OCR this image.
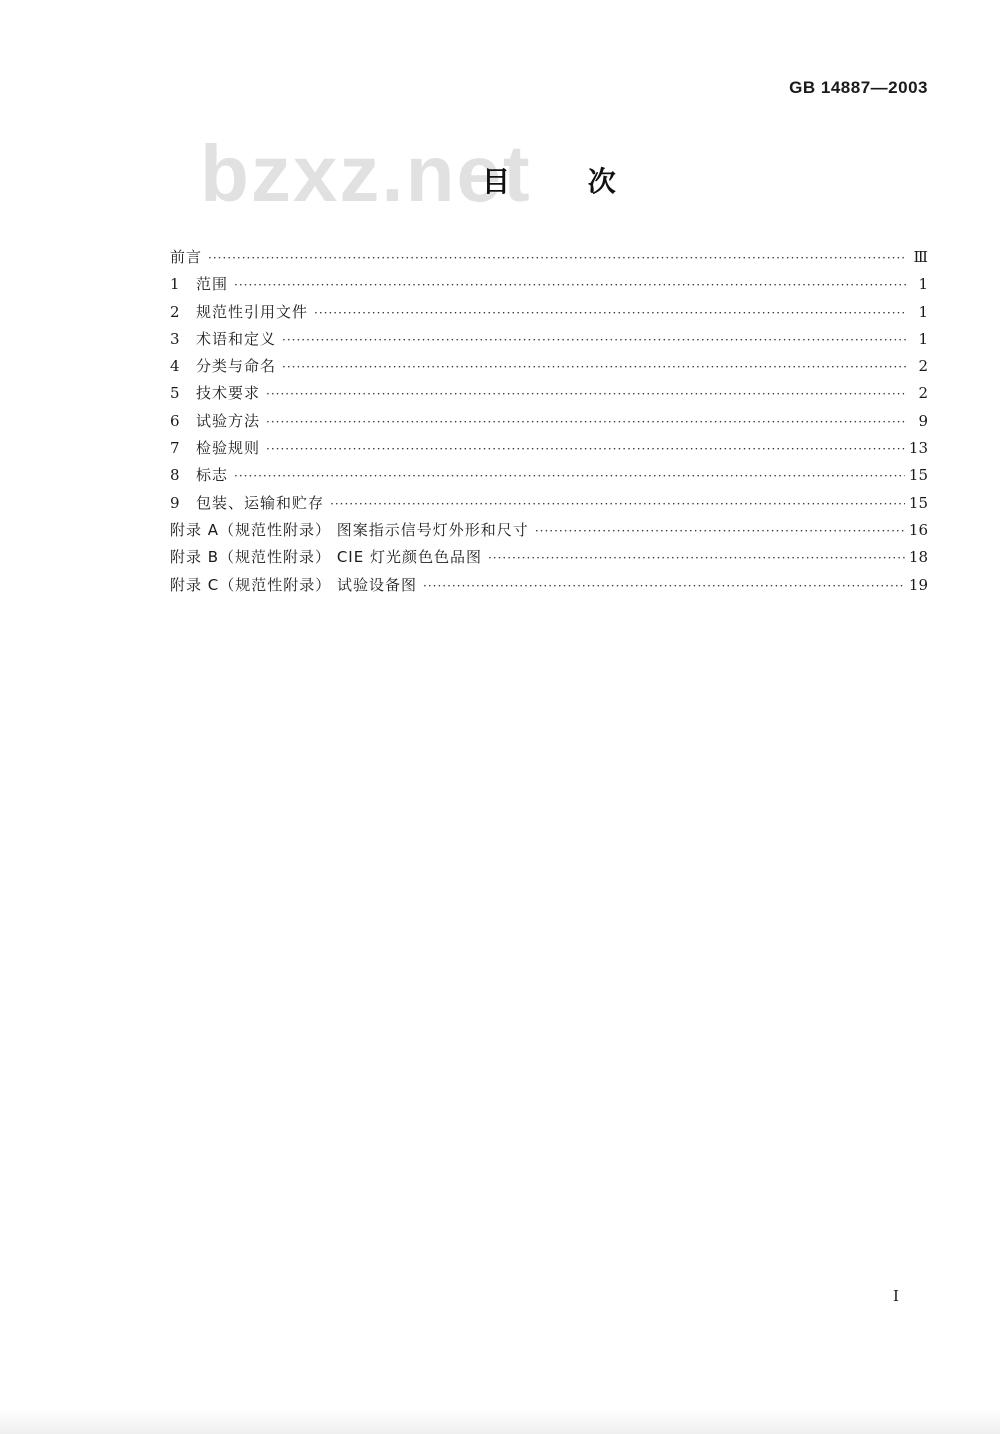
GB 14887—2003
bzxz.net
目 次
前言 ·····	Ⅲ
1	范围 ·····	1
2	规范性引用文件 ·····	1
3	术语和定义 ·····	1
4	分类与命名 ·····	2
5	技术要求 ·····	2
6	试验方法 ·····	9
7	检验规则 ·····	13
8	标志 ·····	15
9	包装、运输和贮存 ·····	15
附录 A（规范性附录） 图案指示信号灯外形和尺寸 ·····	16
附录 B（规范性附录） CIE 灯光颜色色品图 ·····	18
附录 C（规范性附录） 试验设备图 ·····	19
I
